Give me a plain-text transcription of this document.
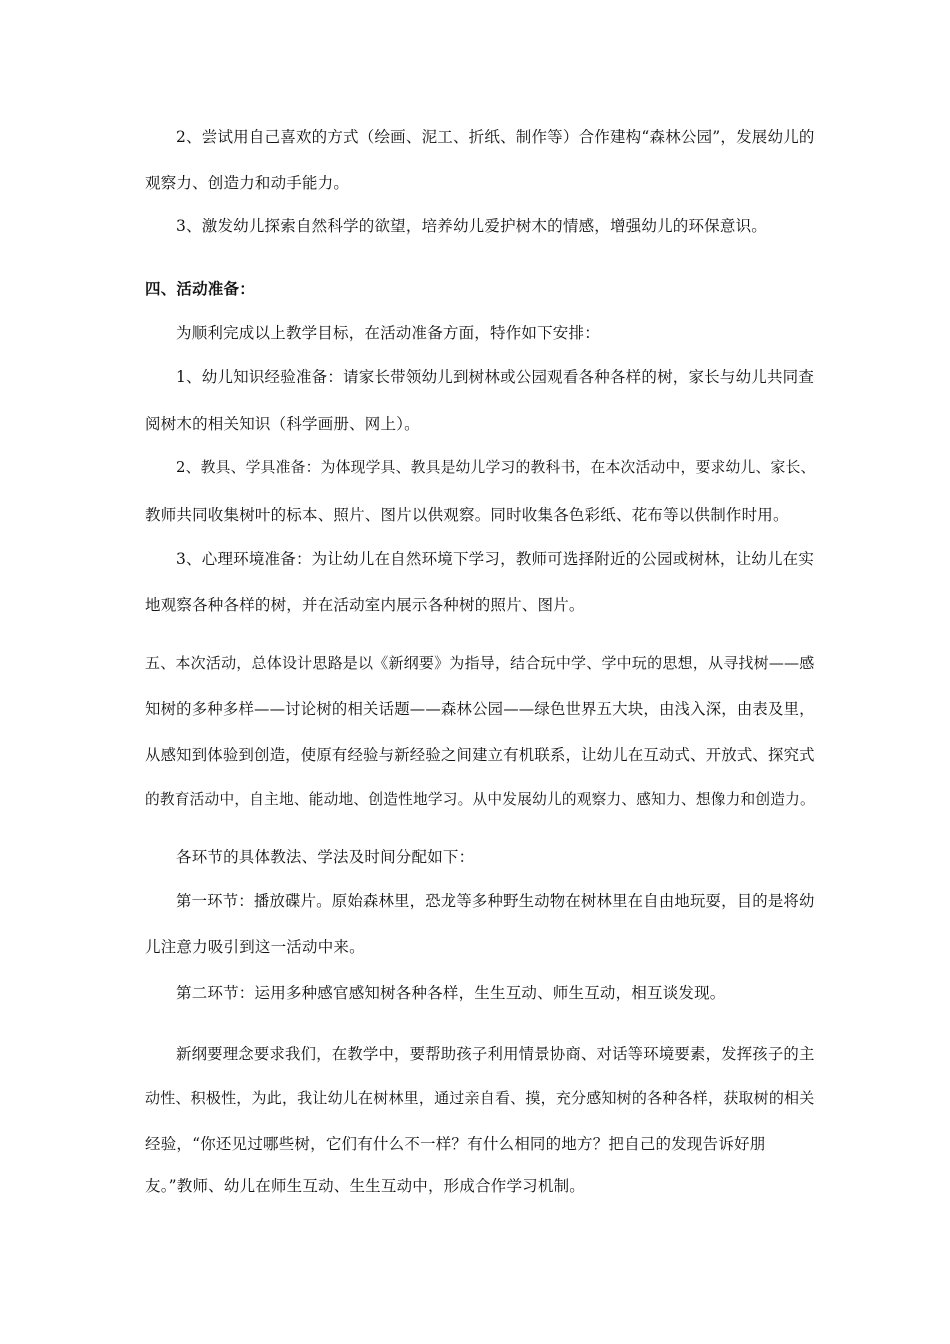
2、尝试用自己喜欢的方式（绘画、泥工、折纸、制作等）合作建构“森林公园”，发展幼儿的
观察力、创造力和动手能力。
3、激发幼儿探索自然科学的欲望，培养幼儿爱护树木的情感，增强幼儿的环保意识。
四、活动准备：
为顺利完成以上教学目标，在活动准备方面，特作如下安排：
1、幼儿知识经验准备：请家长带领幼儿到树林或公园观看各种各样的树，家长与幼儿共同查
阅树木的相关知识（科学画册、网上）。
2、教具、学具准备：为体现学具、教具是幼儿学习的教科书，在本次活动中，要求幼儿、家长、
教师共同收集树叶的标本、照片、图片以供观察。同时收集各色彩纸、花布等以供制作时用。
3、心理环境准备：为让幼儿在自然环境下学习，教师可选择附近的公园或树林，让幼儿在实
地观察各种各样的树，并在活动室内展示各种树的照片、图片。
五、本次活动，总体设计思路是以《新纲要》为指导，结合玩中学、学中玩的思想，从寻找树——感
知树的多种多样——讨论树的相关话题——森林公园——绿色世界五大块，由浅入深，由表及里，
从感知到体验到创造，使原有经验与新经验之间建立有机联系，让幼儿在互动式、开放式、探究式
的教育活动中，自主地、能动地、创造性地学习。从中发展幼儿的观察力、感知力、想像力和创造力。
各环节的具体教法、学法及时间分配如下：
第一环节：播放碟片。原始森林里，恐龙等多种野生动物在树林里在自由地玩耍，目的是将幼
儿注意力吸引到这一活动中来。
第二环节：运用多种感官感知树各种各样，生生互动、师生互动，相互谈发现。
新纲要理念要求我们，在教学中，要帮助孩子利用情景协商、对话等环境要素，发挥孩子的主
动性、积极性，为此，我让幼儿在树林里，通过亲自看、摸，充分感知树的各种各样，获取树的相关
经验，“你还见过哪些树，它们有什么不一样？有什么相同的地方？把自己的发现告诉好朋
友。”教师、幼儿在师生互动、生生互动中，形成合作学习机制。
